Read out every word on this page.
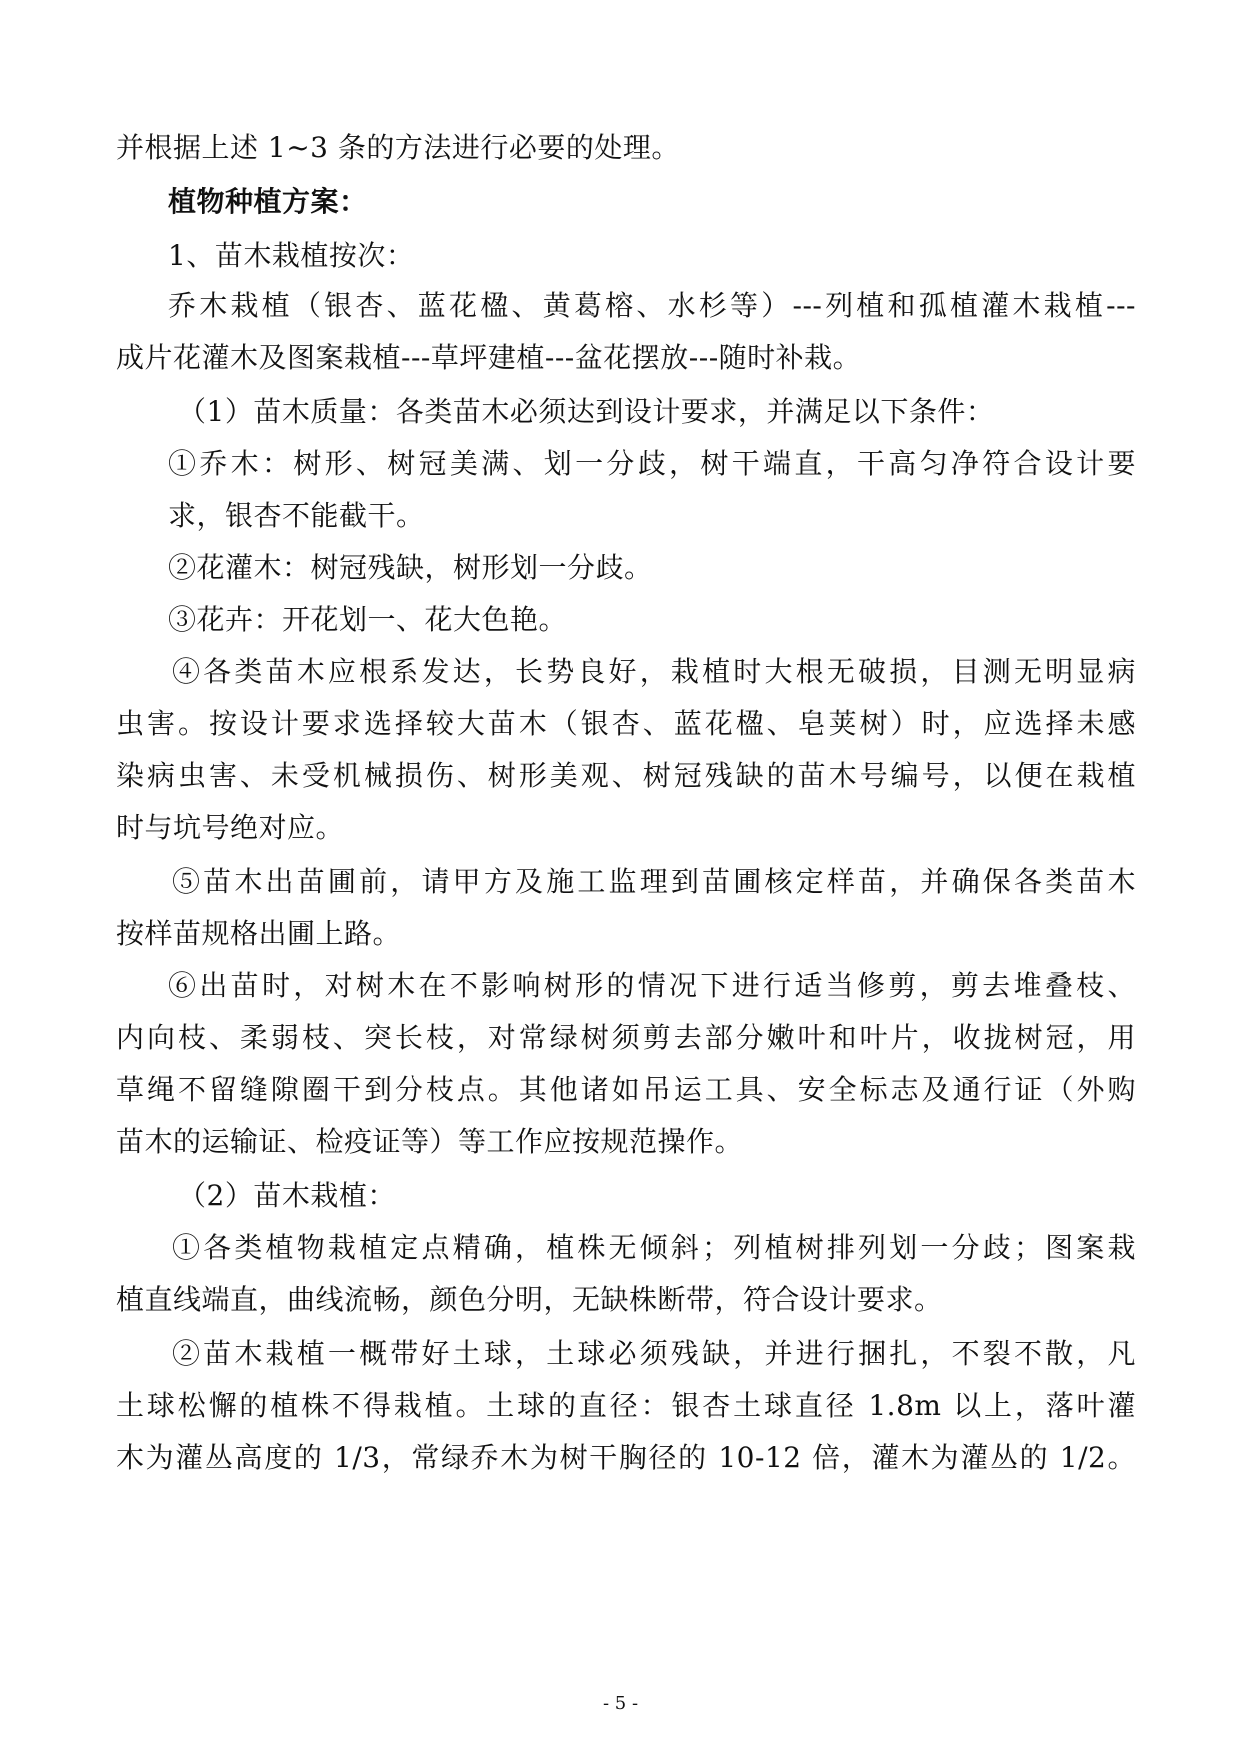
并根据上述 1~3 条的方法进行必要的处理。
植物种植方案：
1、苗木栽植按次：
乔木栽植（银杏、蓝花楹、黄葛榕、水杉等）---列植和孤植灌木栽植---
成片花灌木及图案栽植---草坪建植---盆花摆放---随时补栽。
（1）苗木质量：各类苗木必须达到设计要求，并满足以下条件：
①乔木：树形、树冠美满、划一分歧，树干端直，干高匀净符合设计要
求，银杏不能截干。
②花灌木：树冠残缺，树形划一分歧。
③花卉：开花划一、花大色艳。
④各类苗木应根系发达，长势良好，栽植时大根无破损，目测无明显病
虫害。按设计要求选择较大苗木（银杏、蓝花楹、皂荚树）时，应选择未感
染病虫害、未受机械损伤、树形美观、树冠残缺的苗木号编号，以便在栽植
时与坑号绝对应。
⑤苗木出苗圃前，请甲方及施工监理到苗圃核定样苗，并确保各类苗木
按样苗规格出圃上路。
⑥出苗时，对树木在不影响树形的情况下进行适当修剪，剪去堆叠枝、
内向枝、柔弱枝、突长枝，对常绿树须剪去部分嫩叶和叶片，收拢树冠，用
草绳不留缝隙圈干到分枝点。其他诸如吊运工具、安全标志及通行证（外购
苗木的运输证、检疫证等）等工作应按规范操作。
（2）苗木栽植：
①各类植物栽植定点精确，植株无倾斜；列植树排列划一分歧；图案栽
植直线端直，曲线流畅，颜色分明，无缺株断带，符合设计要求。
②苗木栽植一概带好土球，土球必须残缺，并进行捆扎，不裂不散，凡
土球松懈的植株不得栽植。土球的直径：银杏土球直径 1.8m 以上，落叶灌
木为灌丛高度的 1/3，常绿乔木为树干胸径的 10-12 倍，灌木为灌丛的 1/2。
- 5 -
